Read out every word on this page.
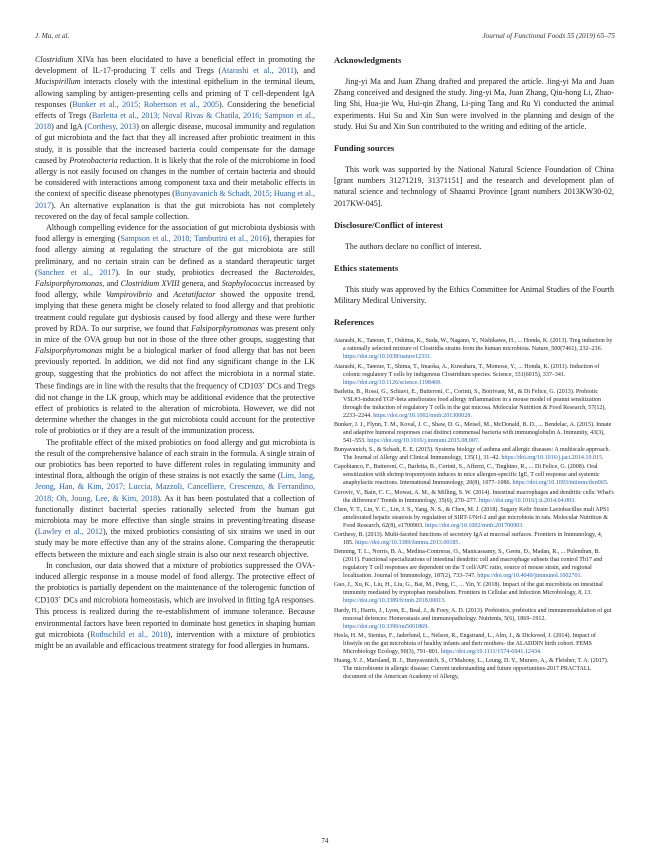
J. Ma, et al.	Journal of Functional Foods 55 (2019) 65–75

Clostridium XIVa has been elucidated to have a beneficial effect in promoting the development of IL-17-producing T cells and Tregs (Atarashi et al., 2011), and Mucispirillum interacts closely with the intestinal epithelium in the terminal ileum, allowing sampling by antigen-presenting cells and priming of T cell-dependent IgA responses (Bunker et al., 2015; Robertson et al., 2005). Considering the beneficial effects of Tregs (Barletta et al., 2013; Noval Rivas & Chatila, 2016; Sampson et al., 2018) and IgA (Corthesy, 2013) on allergic disease, mucosal immunity and regulation of gut microbiota and the fact that they all increased after probiotic treatment in this study, it is possible that the increased bacteria could compensate for the damage caused by Proteobacteria reduction. It is likely that the role of the microbiome in food allergy is not easily focused on changes in the number of certain bacteria and should be considered with interactions among component taxa and their metabolic effects in the context of specific disease phenotypes (Bunyavanich & Schadt, 2015; Huang et al., 2017). An alternative explanation is that the gut microbiota has not completely recovered on the day of fecal sample collection.

Although compelling evidence for the association of gut microbiota dysbiosis with food allergy is emerging (Sampson et al., 2018; Tamburini et al., 2016), therapies for food allergy aiming at regulating the structure of the gut microbiota are still preliminary, and no certain strain can be defined as a standard therapeutic target (Sanchez et al., 2017). In our study, probiotics decreased the Bacteroides, Falsiporphyromonas, and Clostridium XVIII genera, and Staphylococcus increased by food allergy, while Vampirovibrio and Acetatifactor showed the opposite trend, implying that these genera might be closely related to food allergy and that probiotic treatment could regulate gut dysbiosis caused by food allergy and these were further proved by RDA. To our surprise, we found that Falsiporphyromonas was present only in mice of the OVA group but not in those of the three other groups, suggesting that Falsiporphyromonas might be a biological marker of food allergy that has not been previously reported. In addition, we did not find any significant change in the LK group, suggesting that the probiotics do not affect the microbiota in a normal state. These findings are in line with the results that the frequency of CD103+ DCs and Tregs did not change in the LK group, which may be additional evidence that the protective effect of probiotics is related to the alteration of microbiota. However, we did not determine whether the changes in the gut microbiota could account for the protective role of probiotics or if they are a result of the immunization process.

The profitable effect of the mixed probiotics on food allergy and gut microbiota is the result of the comprehensive balance of each strain in the formula. A single strain of our probiotics has been reported to have different roles in regulating immunity and intestinal flora, although the origin of these strains is not exactly the same (Lim, Jang, Jeong, Han, & Kim, 2017; Luccia, Mazzoli, Cancelliere, Crescenzo, & Ferrandino, 2018; Oh, Joung, Lee, & Kim, 2018). As it has been postulated that a collection of functionally distinct bacterial species rationally selected from the human gut microbiota may be more effective than single strains in preventing/treating disease (Lawley et al., 2012), the mixed probiotics consisting of six strains we used in our study may be more effective than any of the strains alone. Comparing the therapeutic effects between the mixture and each single strain is also our next research objective.

In conclusion, our data showed that a mixture of probiotics suppressed the OVA-induced allergic response in a mouse model of food allergy. The protective effect of the probiotics is partially dependent on the maintenance of the tolerogenic function of CD103+ DCs and microbiota homeostasis, which are involved in fitting IgA responses. This process is realized during the re-establishment of immune tolerance. Because environmental factors have been reported to dominate host genetics in shaping human gut microbiota (Rothschild et al., 2018), intervention with a mixture of probiotics might be an available and efficacious treatment strategy for food allergies in humans.

Acknowledgments

Jing-yi Ma and Juan Zhang drafted and prepared the article. Jing-yi Ma and Juan Zhang conceived and designed the study. Jing-yi Ma, Juan Zhang, Qiu-hong Li, Zhao-ling Shi, Hua-jie Wu, Hui-qin Zhang, Li-ping Tang and Ru Yi conducted the animal experiments. Hui Su and Xin Sun were involved in the planning and design of the study. Hui Su and Xin Sun contributed to the writing and editing of the article.

Funding sources

This work was supported by the National Natural Science Foundation of China [grant numbers 31271219, 31371151] and the research and development plan of natural science and technology of Shaanxi Province [grant numbers 2013KW30-02, 2017KW-045].

Disclosure/Conflict of interest

The authors declare no conflict of interest.

Ethics statements

This study was approved by the Ethics Committee for Animal Studies of the Fourth Military Medical University.

References
Atarashi, K., Tanoue, T., Oshima, K., Suda, W., Nagano, Y., Nishikawa, H., ... Honda, K. (2013). Treg induction by a rationally selected mixture of Clostridia strains from the human microbiota. Nature, 500(7461), 232–236. https://doi.org/10.1038/nature12331.
Atarashi, K., Tanoue, T., Shima, T., Imaoka, A., Kuwahara, T., Momose, Y., ... Honda, K. (2011). Induction of colonic regulatory T cells by indigenous Clostridium species. Science, 331(6015), 337–341. https://doi.org/10.1126/science.1198469.
Barletta, B., Rossi, G., Schiavi, E., Butteroni, C., Corinti, S., Boirivant, M., & Di Felice, G. (2013). Probiotic VSL#3-induced TGF-beta ameliorates food allergy inflammation in a mouse model of peanut sensitization through the induction of regulatory T cells in the gut mucosa. Molecular Nutrition & Food Research, 57(12), 2233–2244. https://doi.org/10.1002/mnfr.201300028.
Bunker, J. J., Flynn, T. M., Koval, J. C., Shaw, D. G., Meisel, M., McDonald, B. D., ... Bendelac, A. (2015). Innate and adaptive humoral responses coat distinct commensal bacteria with immunoglobulin A. Immunity, 43(3), 541–553. https://doi.org/10.1016/j.immuni.2015.08.007.
Bunyavanich, S., & Schadt, E. E. (2015). Systems biology of asthma and allergic diseases: A multiscale approach. The Journal of Allergy and Clinical Immunology, 135(1), 31–42. https://doi.org/10.1016/j.jaci.2014.10.015.
Capobianco, F., Butteroni, C., Barletta, B., Corinti, S., Afferni, C., Tinghino, R., ... Di Felice, G. (2008). Oral sensitization with shrimp tropomyosin induces in mice allergen-specific IgE, T cell response and systemic anaphylactic reactions. International Immunology, 20(8), 1077–1086. https://doi.org/10.1093/intimm/dxn065.
Cerovic, V., Bain, C. C., Mowat, A. M., & Milling, S. W. (2014). Intestinal macrophages and dendritic cells: What's the difference? Trends in Immunology, 35(6), 270–277. https://doi.org/10.1016/j.it.2014.04.003.
Chen, Y. T., Lin, Y. C., Lin, J. S., Yang, N. S., & Chen, M. J. (2018). Sugary Kefir Strain Lactobacillus mali APS1 ameliorated hepatic steatosis by regulation of SIRT-1/Nrf-2 and gut microbiota in rats. Molecular Nutrition & Food Research, 62(8), e1700903. https://doi.org/10.1002/mnfr.201700903.
Corthesy, B. (2013). Multi-faceted functions of secretory IgA at mucosal surfaces. Frontiers in Immunology, 4, 185. https://doi.org/10.3389/fimmu.2013.00185.
Denning, T. L., Norris, B. A., Medina-Contreras, O., Manicassamy, S., Geem, D., Madan, R., ... Pulendran, B. (2011). Functional specializations of intestinal dendritic cell and macrophage subsets that control Th17 and regulatory T cell responses are dependent on the T cell/APC ratio, source of mouse strain, and regional localization. Journal of Immunology, 187(2), 733–747. https://doi.org/10.4049/jimmunol.1002701.
Guo, J., Xu, K., Liu, H., Liu, G., Bai, M., Peng, C., ... Yin, Y. (2018). Impact of the gut microbiota on intestinal immunity mediated by tryptophan metabolism. Frontiers in Cellular and Infection Microbiology, 8, 13. https://doi.org/10.3389/fcimb.2018.00013.
Hardy, H., Harris, J., Lyon, E., Beal, J., & Foey, A. D. (2013). Probiotics, prebiotics and immunomodulation of gut mucosal defences: Homeostasis and immunopathology. Nutrients, 5(6), 1869–1912. https://doi.org/10.3390/nu5061869.
Hesla, H. M., Stenius, F., Jaderlund, L., Nelson, R., Engstrand, L., Alm, J., & Dicksved, J. (2014). Impact of lifestyle on the gut microbiota of healthy infants and their mothers- the ALADDIN birth cohort. FEMS Microbiology Ecology, 90(3), 791–801. https://doi.org/10.1111/1574-6941.12434.
Huang, Y. J., Marsland, B. J., Bunyavanich, S., O'Mahony, L., Leung, D. Y., Muraro, A., & Fleisher, T. A. (2017). The microbiome in allergic disease: Current understanding and future opportunities-2017 PRACTALL document of the American Academy of Allergy,
74
